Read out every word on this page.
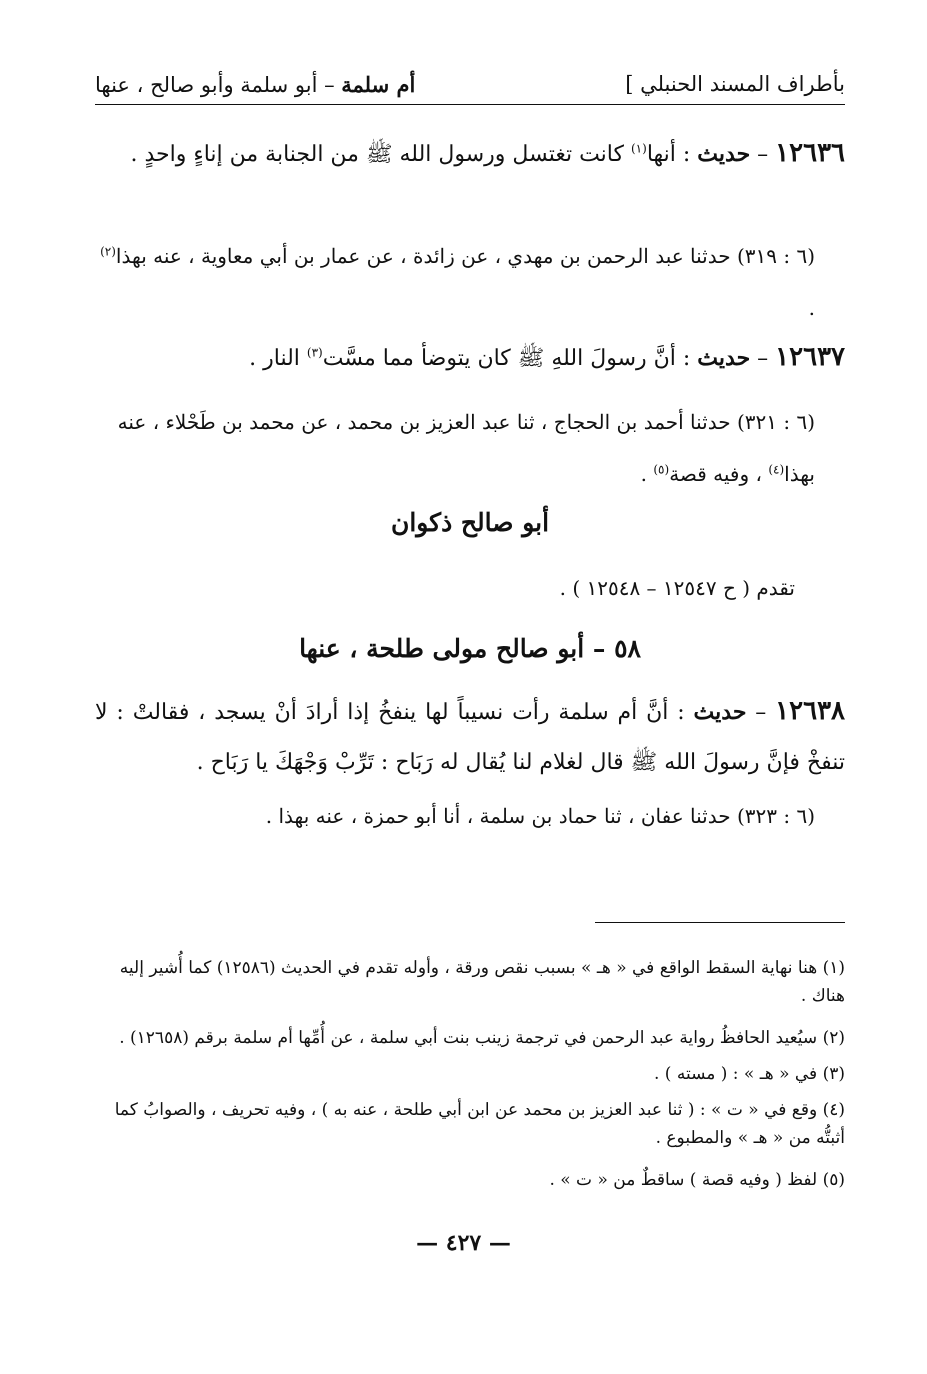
بأطراف المسند الحنبلي ]
أم سلمة – أبو سلمة وأبو صالح ، عنها
١٢٦٣٦ – حديث : أنها$^{(١)}$ كانت تغتسل ورسول الله ﷺ من الجنابة من إناءٍ واحدٍ .
(٦ : ٣١٩) حدثنا عبد الرحمن بن مهدي ، عن زائدة ، عن عمار بن أبي معاوية ، عنه بهذا$^{(٢)}$ .
١٢٦٣٧ – حديث : أنَّ رسولَ اللهِ ﷺ كان يتوضأ مما مسَّت$^{(٣)}$ النار .
(٦ : ٣٢١) حدثنا أحمد بن الحجاج ، ثنا عبد العزيز بن محمد ، عن محمد بن طَحْلاء ، عنه بهذا$^{(٤)}$ ، وفيه قصة$^{(٥)}$ .
أبو صالح ذكوان
تقدم ( ح ١٢٥٤٧ – ١٢٥٤٨ ) .
٥٨ – أبو صالح مولى طلحة ، عنها
١٢٦٣٨ – حديث : أنَّ أم سلمة رأت نسيباً لها ينفخُ إذا أرادَ أنْ يسجد ، فقالتْ : لا تنفخْ فإنَّ رسولَ الله ﷺ قال لغلام لنا يُقال له رَبَاح : تَرِّبْ وَجْهَكَ يا رَبَاح .
(٦ : ٣٢٣) حدثنا عفان ، ثنا حماد بن سلمة ، أنا أبو حمزة ، عنه بهذا .
(١) هنا نهاية السقط الواقع في « هـ » بسبب نقص ورقة ، وأوله تقدم في الحديث (١٢٥٨٦) كما أُشير إليه هناك .
(٢) سيُعيد الحافظُ رواية عبد الرحمن في ترجمة زينب بنت أبي سلمة ، عن أُمِّها أم سلمة برقم (١٢٦٥٨) .
(٣) في « هـ » : ( مسته ) .
(٤) وقع في « ت » : ( ثنا عبد العزيز بن محمد عن ابن أبي طلحة ، عنه به ) ، وفيه تحريف ، والصوابُ كما أثبتُّه من « هـ » والمطبوع .
(٥) لفظ ( وفيه قصة ) ساقطٌ من « ت » .
— ٤٢٧ —
